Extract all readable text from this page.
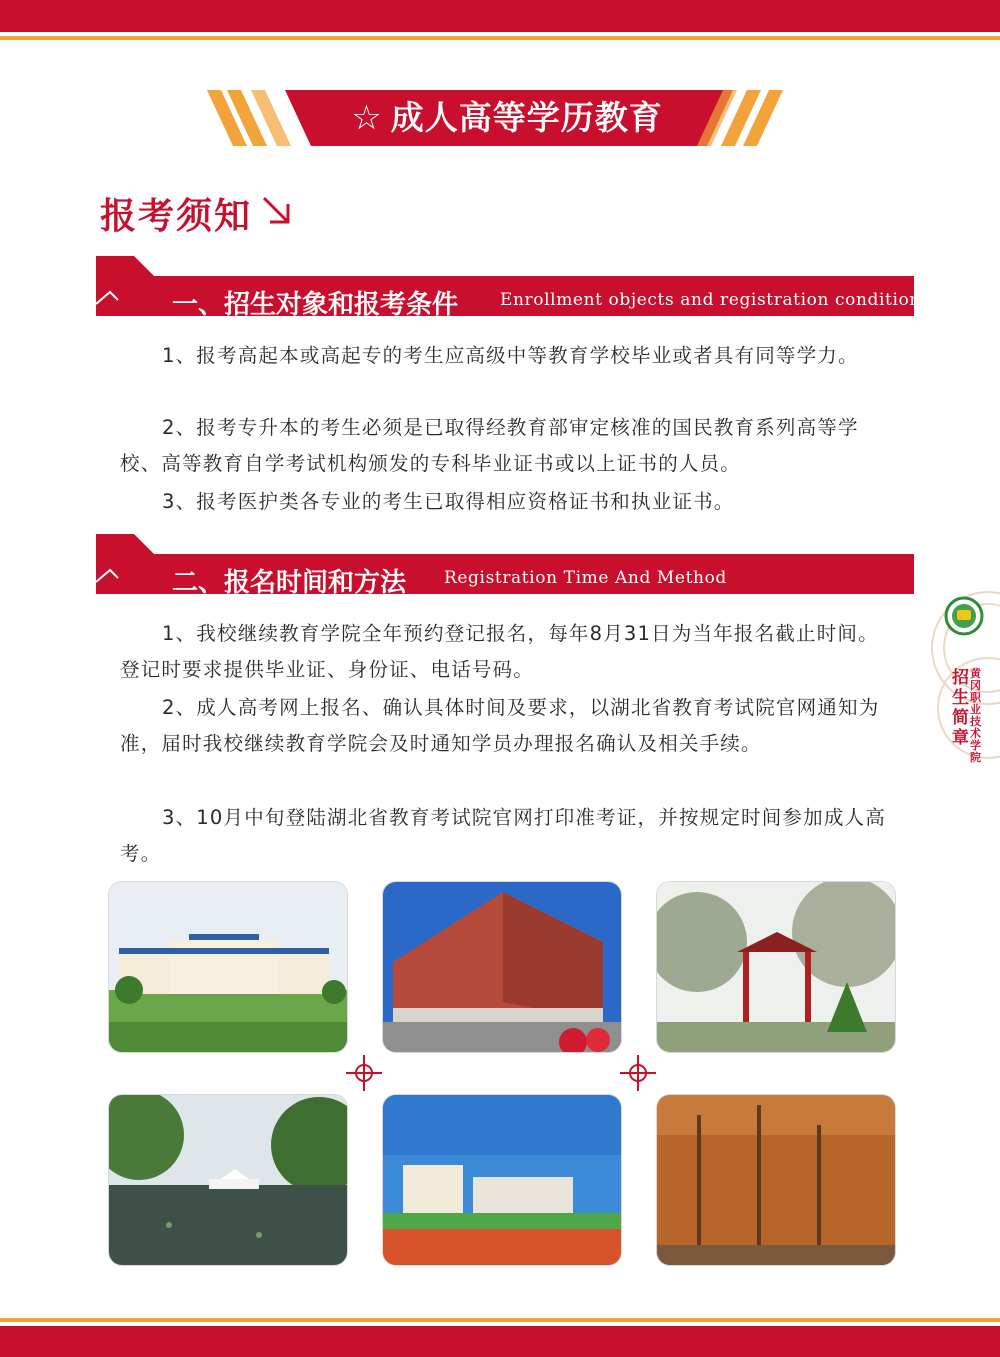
☆ 成人高等学历教育
报考须知
一、招生对象和报考条件 Enrollment objects and registration conditions

1、报考高起本或高起专的考生应高级中等教育学校毕业或者具有同等学力。

2、报考专升本的考生必须是已取得经教育部审定核准的国民教育系列高等学校、高等教育自学考试机构颁发的专科毕业证书或以上证书的人员。

3、报考医护类各专业的考生已取得相应资格证书和执业证书。

二、报名时间和方法 Registration Time And Method

1、我校继续教育学院全年预约登记报名，每年8月31日为当年报名截止时间。登记时要求提供毕业证、身份证、电话号码。

2、成人高考网上报名、确认具体时间及要求，以湖北省教育考试院官网通知为准，届时我校继续教育学院会及时通知学员办理报名确认及相关手续。

3、10月中旬登陆湖北省教育考试院官网打印准考证，并按规定时间参加成人高考。

黄冈职业技术学院
招生简章
